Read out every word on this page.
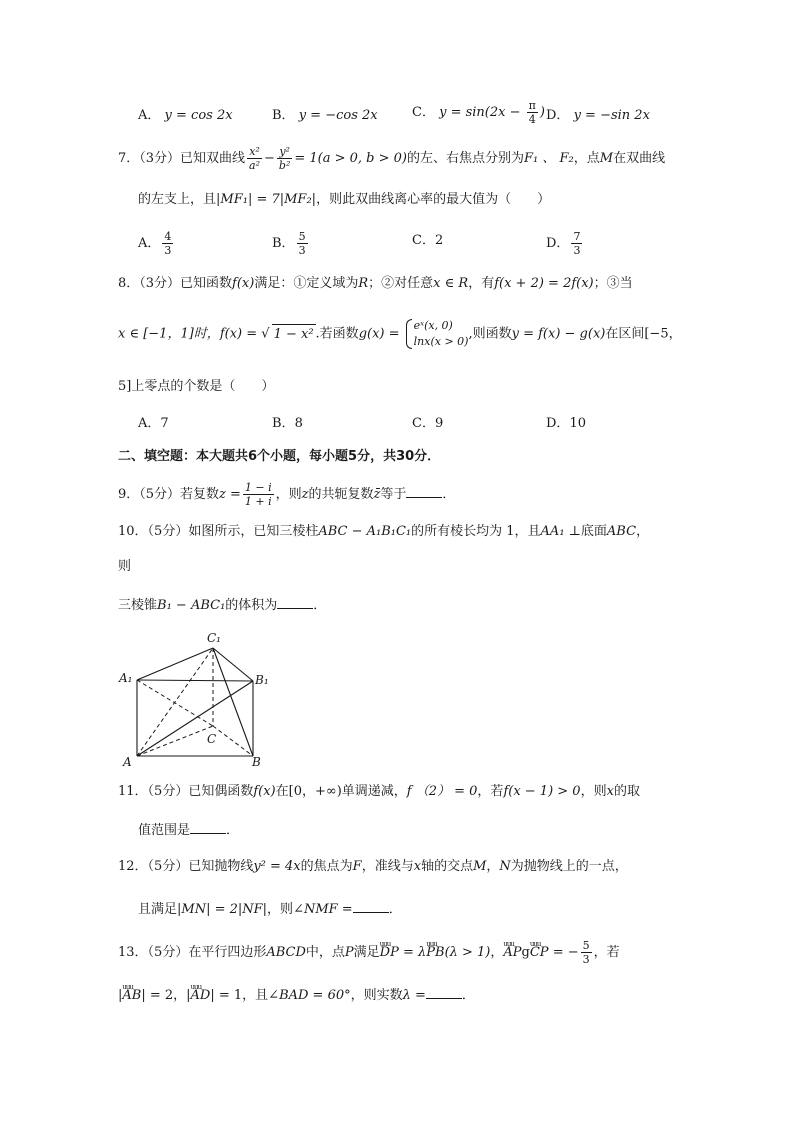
A． y = cos 2x	B． y = −cos 2x	C． $y = \sin(2x - \frac{\pi}{4}$ ) D． y = −sin 2x
7．（3分）已知双曲线 $\frac{\text{x²}}{\text{a²}} - \frac{\text{y²}}{\text{b²}} = 1(a > 0$, b > 0)的左、右焦点分别为F₁ 、 F₂，点M在双曲线
的左支上，且|MF₁| = 7|MF₂|，则此双曲线离心率的最大值为（　　）
A． $\frac{4}{3}$	B． $\frac{5}{3}$	C．2	D． $\frac{7}{3}$
8．（3分）已知函数f(x)满足：①定义域为R；②对任意x ∈ R，有f(x + 2) = 2f(x)；③当
x ∈ [−1，1]时，f(x) = √ 1 − x² .若函数g(x) =
eˣ(x, 0)
lnx(x > 0) ,则函数y = f(x) − g(x)在区间[−5，
5]上零点的个数是（　　）
A．7	B．8	C．9	D．10
二、填空题：本大题共6个小题，每小题5分，共30分．
9．（5分）若复数$z = \frac{1 - i}{1 + i}$ ，则z的共轭复数z̄等于	．
10．（5分）如图所示，已知三棱柱ABC − A₁B₁C₁的所有棱长均为 1，且AA₁ ⊥底面ABC，
则
三棱锥B₁ − ABC₁的体积为	．
C₁
A₁	B₁
C
A	B
11．（5分）已知偶函数f(x)在[0，+∞)单调递减，f （2） = 0，若f(x − 1) > 0，则x的取
值范围是	．
12．（5分）已知抛物线y² = 4x的焦点为F，准线与x轴的交点M，N为抛物线上的一点，
且满足|MN| = 2|NF|，则∠NMF =	．
13．（5分）在平行四边形ABCD中，点P满足uuu DP = λuuu PB(λ > 1)，uuu APguuu CP = − $\frac{5}{3}$ ，若
|uuu AB| = 2，|uuu AD| = 1，且∠BAD = 60°，则实数λ =	．
